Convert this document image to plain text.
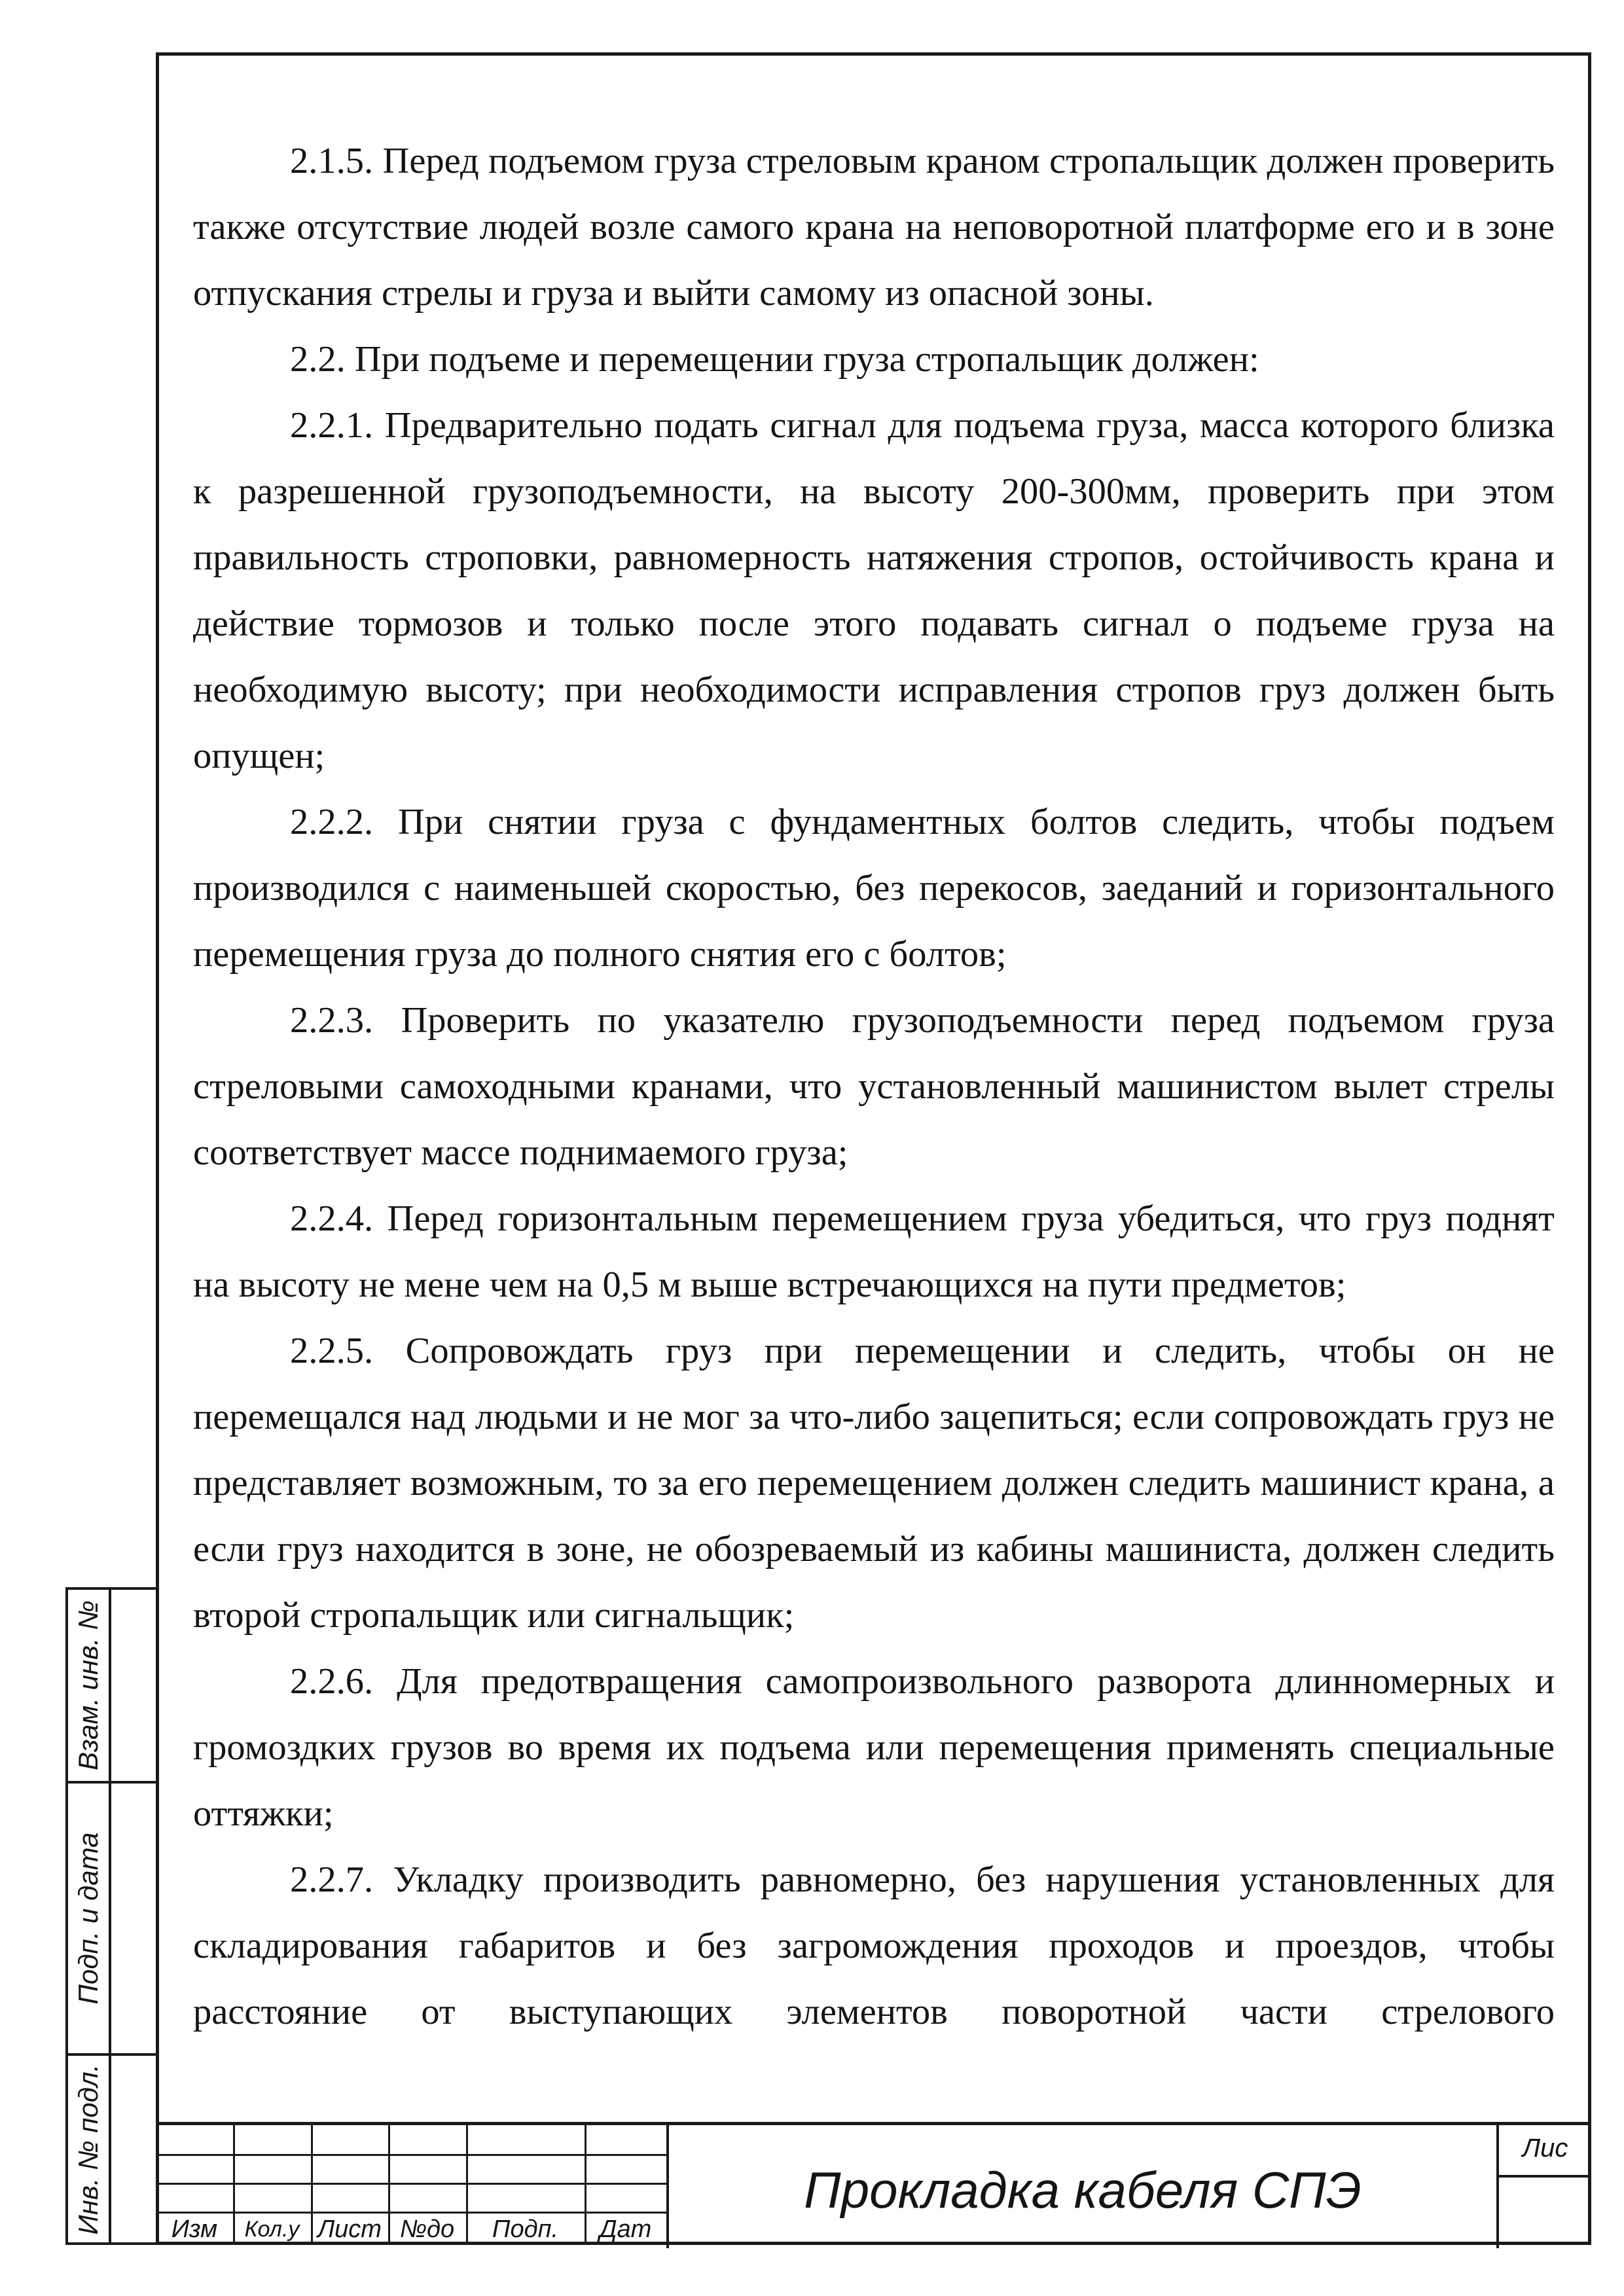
2.1.5. Перед подъемом груза стреловым краном стропальщик должен проверить также отсутствие людей возле самого крана на неповоротной платформе его и в зоне отпускания стрелы и груза и выйти самому из опасной зоны.

2.2. При подъеме и перемещении груза стропальщик должен:

2.2.1. Предварительно подать сигнал для подъема груза, масса которого близка к разрешенной грузоподъемности, на высоту 200-300мм, проверить при этом правильность строповки, равномерность натяжения стропов, остойчивость крана и действие тормозов и только после этого подавать сигнал о подъеме груза на необходимую высоту; при необходимости исправления стропов груз должен быть опущен;

2.2.2. При снятии груза с фундаментных болтов следить, чтобы подъем производился с наименьшей скоростью, без перекосов, заеданий и горизонтального перемещения груза до полного снятия его с болтов;

2.2.3. Проверить по указателю грузоподъемности перед подъемом груза стреловыми самоходными кранами, что установленный машинистом вылет стрелы соответствует массе поднимаемого груза;

2.2.4. Перед горизонтальным перемещением груза убедиться, что груз поднят на высоту не мене чем на 0,5 м выше встречающихся на пути предметов;

2.2.5. Сопровождать груз при перемещении и следить, чтобы он не перемещался над людьми и не мог за что-либо зацепиться; если сопровождать груз не представляет возможным, то за его перемещением должен следить машинист крана, а если груз находится в зоне, не обозреваемый из кабины машиниста, должен следить второй стропальщик или сигнальщик;

2.2.6. Для предотвращения самопроизвольного разворота длинномерных и громоздких грузов во время их подъема или перемещения применять специальные оттяжки;

2.2.7. Укладку производить равномерно, без нарушения установленных для складирования габаритов и без загромождения проходов и проездов, чтобы расстояние от выступающих элементов поворотной части стрелового

Взам. инв. №
Подп. и дата
Инв. № подл.	Изм	Кол.у Лист №до	Подп.	Дат
Прокладка кабеля СПЭ
Лис
